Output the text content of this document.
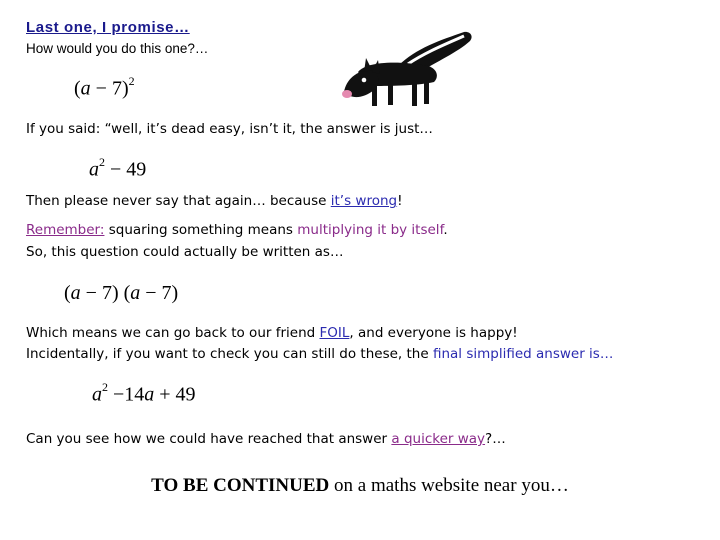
Last one, I promise…
How would you do this one?…
$(a - 7)^2$
If you said: “well, it’s dead easy, isn’t it, the answer is just…
$a^2 - 49$
Then please never say that again… because it’s wrong!
Remember: squaring something means multiplying it by itself.
So, this question could actually be written as…
(a − 7) (a − 7)
Which means we can go back to our friend FOIL, and everyone is happy!
Incidentally, if you want to check you can still do these, the final simplified answer is…
$a^2 -14a + 49$
Can you see how we could have reached that answer a quicker way?…
TO BE CONTINUED on a maths website near you…
